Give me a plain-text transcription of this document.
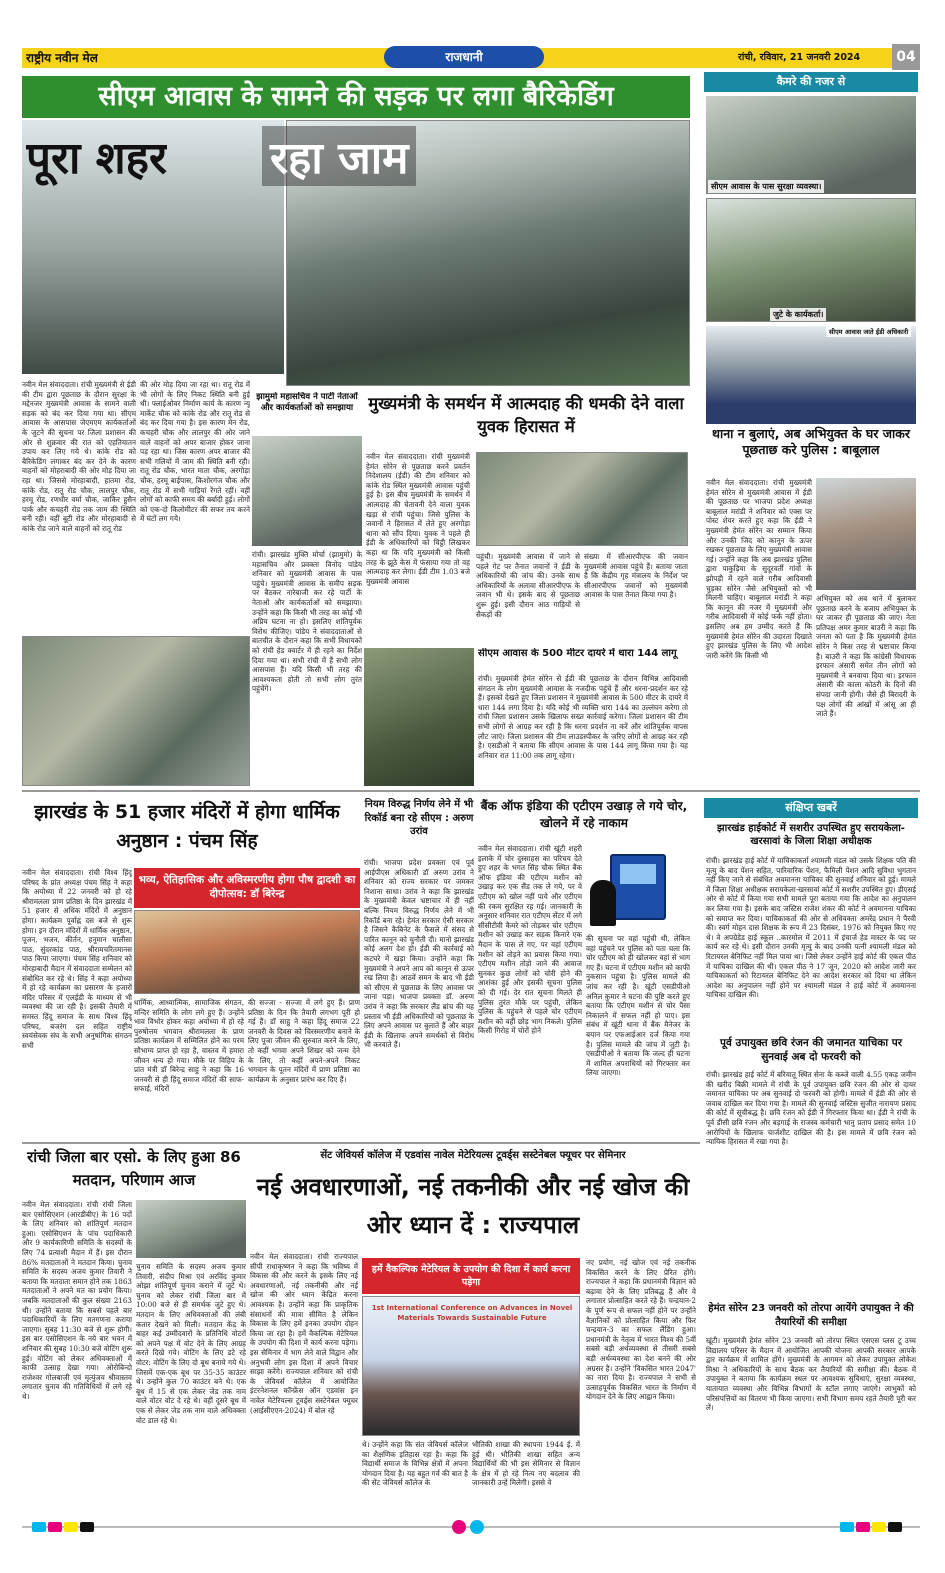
राष्ट्रीय नवीन मेल	राजधानी	रांची, रविवार, 21 जनवरी 2024	04
सीएम आवास के सामने की सड़क पर लगा बैरिकेडिंग
पूरा शहर रहा जाम
नवीन मेल संवाददाता। रांची मुख्यमंत्री से ईडी की टीम द्वारा पूछताछ के दौरान सुरक्षा के मद्देनजर मुख्यमंत्री आवास के सामने वाली सड़क को बंद कर दिया गया था। सीएम आवास के आसपास जेएमएम कार्यकर्ताओं के जुटने की सूचना पर जिला प्रशासन की ओर से शुक्रवार की रात को एहतियातन उपाय कर लिए गये थे। कांके रोड को बैरिकेडिंग लगाकर बंद कर देने के कारण वाहनों को मोहराबादी की ओर मोड़ दिया जा रहा था। जिससे मोरहाबादी, हातमा रोड, कांके रोड, रातू रोड चौक, लालपुर चौक, हरमू रोड, रणधीर वर्मा चौक, जाकिर हुसैन पार्क और कचहरी रोड तक जाम की स्थिति बनी रही। वहीं बूटी रोड और मोरहाबादी से कांके रोड जाने वाले वाहनों को रातू रोड
की ओर मोड़ दिया जा रहा था। रातू रोड में भी लोगों के लिए निकट स्थिति बनी हुई थी। फ्लाईओवर निर्माण कार्य के कारण न्यू मार्केट चौक को कांके रोड और रातू रोड से बंद कर दिया गया है। इस कारण मेन रोड, कचहरी चौक और लालपुर की ओर जाने वाले वाहनों को अपर बाजार होकर जाना पड़ रहा था। जिस कारण अपर बाजार की सभी गलियों में जाम की स्थिति बनी रही। रातू रोड चौक, भारत माता चौक, अरगोड़ा चौक, हरमू बाईपास, किशोरगंज चौक और रातू रोड में सभी गाड़ियां रेंगते रहीं। वहीं लोगों को काफी समय की बर्बादी हुई। लोगों को एक-दो किलोमीटर की सफर तय करने में घंटों लग गये।
झामुमो महासचिव ने पार्टी नेताओं और कार्यकर्ताओं को समझाया
रांची। झारखंड मुक्ति मोर्चा (झामुमो) के महासचिव और प्रवक्ता विनोद पांडेय शनिवार को मुख्यमंत्री आवास के पास पहुंचे। मुख्यमंत्री आवास के समीप सड़क पर बैठकर नारेबाजी कर रहे पार्टी के नेताओं और कार्यकर्ताओं को समझाया। उन्होंने कहा कि किसी भी तरह का कोई भी अप्रिय घटना ना हो। इसलिए शांतिपूर्वक विरोध कीजिए। पांडेय ने संवाददाताओं से बातचीत के दौरान कहा कि सभी विधायकों को रांची हेड क्वार्टर में ही रहने का निर्देश दिया गया था। सभी रांची में हैं सभी लोग आसपास हैं। यदि किसी भी तरह की आवश्यकता होती तो सभी लोग तुरंत पहुंचेंगे।
मुख्यमंत्री के समर्थन में आत्मदाह की धमकी देने वाला युवक हिरासत में
नवीन मेल संवाददाता। रांची मुख्यमंत्री हेमंत सोरेन से पूछताछ करने प्रवर्तन निदेशालय (ईडी) की टीम शनिवार को कांके रोड स्थित मुख्यमंत्री आवास पहुंची हुई है। इस बीच मुख्यमंत्री के समर्थन में आत्मदाह की चेतावनी देने वाला युवक खड़ा से रांची पहुंचा। जिसे पुलिस के जवानों ने हिरासत में लेते हुए अरगोड़ा थाना को सौंप दिया। युवक ने पहले ही ईडी के अधिकारियों को चिट्ठी लिखकर कहा था कि यदि मुख्यमंत्री को किसी तरह के झूठे केस में फंसाया गया तो वह आत्मदाह कर लेगा। ईडी टीम 1.03 बजे मुख्यमंत्री आवास
पहुंची। मुख्यमंत्री आवास में जाने से पहले गेट पर तैनात जवानों ने ईडी के अधिकारियों की जांच की। उनके साथ अधिकारियों के अलावा सीआरपीएफ के जवान भी थे। इसके बाद से पूछताछ शुरू हुई। इसी दौरान आठ गाड़ियों से सैकड़ों की
संख्या में सीआरपीएफ की जवान मुख्यमंत्री आवास पहुंचे हैं। बताया जाता है कि केंद्रीय गृह मंत्रालय के निर्देश पर सीआरपीएफ जवानों को मुख्यमंत्री आवास के पास तैनात किया गया है।
सीएम आवास के 500 मीटर दायरे में धारा 144 लागू
रांची। मुख्यमंत्री हेमंत सोरेन से ईडी की पूछताछ के दौरान विभिन्न आदिवासी संगठन के लोग मुख्यमंत्री आवास के नजदीक पहुंचे हैं और धरना-प्रदर्शन कर रहे हैं। इसको देखते हुए जिला प्रशासन ने मुख्यमंत्री आवास के 500 मीटर के दायरे में धारा 144 लगा दिया है। यदि कोई भी व्यक्ति धारा 144 का उल्लंघन करेगा तो रांची जिला प्रशासन उसके खिलाफ सख्त कार्रवाई करेगा। जिला प्रशासन की टीम सभी लोगों से आग्रह कर रही है कि धरना प्रदर्शन ना करें और शांतिपूर्वक वापस लौट जाएं। जिला प्रशासन की टीम लाउडस्पीकर के जरिए लोगों से आग्रह कर रही है। एसडीओ ने बताया कि सीएम आवास के पास 144 लागू किया गया है। यह शनिवार रात 11:00 तक लागू रहेगा।
कैमरे की नजर से
सीएम आवास के पास सुरक्षा व्यवस्था।
जुटे के कार्यकर्ता।
सीएम आवास जाते ईडी अधिकारी
थाना न बुलाएं, अब अभियुक्त के घर जाकर पूछताछ करे पुलिस : बाबूलाल
नवीन मेल संवाददाता। रांची मुख्यमंत्री हेमंत सोरेन से मुख्यमंत्री आवास में ईडी की पूछताछ पर भाजपा प्रदेश अध्यक्ष बाबूलाल मरांडी ने शनिवार को एक्स पर पोस्ट शेयर करते हुए कहा कि ईडी ने मुख्यमंत्री हेमंत सोरेन का सम्मान किया और उनकी जिद को कानून के ऊपर रखकर पूछताछ के लिए मुख्यमंत्री आवास गई। उन्होंने कहा कि अब झारखंड पुलिस द्वारा पाकुड़िया के सुदूरवर्ती गांवों के झोपड़ी में रहने वाले गरीब आदिवासी चुड़का सोरेन जैसे अभियुक्तों को भी मिलनी चाहिए। बाबूलाल मरांडी ने कहा कि कानून की नजर में मुख्यमंत्री और गरीब आदिवासी में कोई फर्क नहीं होता। इसलिए अब हम उम्मीद करते हैं कि मुख्यमंत्री हेमंत सोरेन की उदारता दिखाते हुए झारखंड पुलिस के लिए भी आदेश जारी करेंगे कि किसी भी
अभियुक्त को अब थाने में बुलाकर पूछताछ करने के बजाय अभियुक्त के घर जाकर ही पूछताछ की जाए। नेता प्रतिपक्ष अमर कुमार बाउरी ने कहा कि जनता को पता है कि मुख्यमंत्री हेमंत सोरेन ने किस तरह से भ्रष्टाचार किया है। बाउरी ने कहा कि कांग्रेसी विधायक इरफान अंसारी समेत तीन लोगों को मुख्यमंत्री ने बनवाया दिया था। इरफान अंसारी की काला कोठरी के दिनों की संपदा जानी होगी। जैसे ही बिरादरी के पक्ष लोगों की आंखों में आंसू आ ही जाते हैं।
झारखंड के 51 हजार मंदिरों में होगा धार्मिक अनुष्ठान : पंचम सिंह
नवीन मेल संवाददाता। रांची विश्व हिंदू परिषद के प्रांत अध्यक्ष पंचम सिंह ने कहा कि अयोध्या में 22 जनवरी को हो रहे श्रीरामलला प्राण प्रतिष्ठा के दिन झारखंड में 51 हजार से अधिक मंदिरों में अनुष्ठान होगा। कार्यक्रम पूर्वाह्न दस बजे से शुरू होगा। इन दौरान मंदिरों में धार्मिक अनुष्ठान, पूजन, भजन, कीर्तन, हनुमान चालीसा पाठ, सुंदरकांड पाठ, श्रीरामचरितमानस पाठ किया जाएगा। पंचम सिंह शनिवार को मोरहाबादी मैदान में संवाददाता सम्मेलन को संबोधित कर रहे थे। सिंह ने कहा अयोध्या में हो रहे कार्यक्रम का प्रसारण के हजारों मंदिर परिसर में एलईडी के माध्यम से भी व्यवस्था की जा रही है। इसकी तैयारी में समस्त हिंदू समाज के साथ विश्व हिंदू परिषद, बजरंग दल सहित राष्ट्रीय स्वयंसेवक संघ के सभी अनुषांगिक संगठन सभी
भव्य, ऐतिहासिक और अविस्मरणीय होगा पौष द्वादशी का दीपोत्सव: डॉ बिरेन्द्र
धार्मिक, आध्यात्मिक, सामाजिक संगठन, मन्दिर समिति के लोग लगे हुए हैं। उन्होंने भाव विभोर होकर कहा अयोध्या में हो रहे पुरुषोत्तम भगवान श्रीरामलला के प्राण प्रतिष्ठा कार्यक्रम में सम्मिलित होने का परम सौभाग्य प्राप्त हो रहा है, वास्तव में हमारा जीवन धन्य हो गया। मौके पर विहिप के प्रांत मंत्री डॉ बिरेन्द्र साहु ने कहा कि 16 जनवरी से ही हिंदू समाज मंदिरों की साफ- सफाई, मंदिरों
की सज्जा - सज्जा में लगे हुए हैं। प्राण प्रतिष्ठा के दिन कि तैयारी लगभग पूरी हो गई हैं। डॉ साहु ने कहा हिंदू समाज 22 जनवरी के दिवस को चिरस्मरणीय बनाने के लिए पूजा जीवन की सुरुवात करने के लिए, तो कहीं भगवा अपने शिखर को जन्म देने के लिए, तो कहीं अपने-अपने निकट भगवान के पूतन मंदिरों में प्राण प्रतिष्ठा का कार्यक्रम के अनुसार प्रारंभ कर दिए हैं।
नियम विरुद्ध निर्णय लेने में भी रिकॉर्ड बना रहे सीएम : अरुण उरांव
रांची। भाजपा प्रदेश प्रवक्ता एवं पूर्व आईपीएस अधिकारी डॉ अरुण उरांव ने शनिवार को राज्य सरकार पर जमकर निशाना साधा। उरांव ने कहा कि झारखंड के मुख्यमंत्री केवल भ्रष्टाचार में ही नहीं बल्कि नियम विरुद्ध निर्णय लेने में भी रिकॉर्ड बना रहे। हेमंत सरकार ऐसी सरकार है जिसने कैबिनेट के फैसले में संसद से पारित कानून को चुनौती दी। मानो झारखंड कोई अलग देश हो। ईडी की कार्रवाई को कटघरे में खड़ा किया। उन्होंने कहा कि मुख्यमंत्री ने अपने आप को कानून से ऊपर रख लिया है। आठवें समन के बाद भी ईडी को सीएम से पूछताछ के लिए आवास पर जाना पड़ा। भाजपा प्रवक्ता डॉ. अरुण उरांव ने कहा कि सरकार लैंड ब्रांच की यह प्रस्ताव भी ईडी अधिकारियों को पूछताछ के लिए अपने आवास पर बुलाते हैं और बाहर ईडी के खिलाफ अपने समर्थकों से विरोध भी करवाते हैं।
बैंक ऑफ इंडिया की एटीएम उखाड़ ले गये चोर, खोलने में रहे नाकाम
नवीन मेल संवाददाता। रांची खूंटी शहरी इलाके में चोर दुस्साहस का परिचय देते हुए शहर के भगत सिंह चौक स्थित बैंक ऑफ इंडिया की एटीएम मशीन को उखाड़ कर एक सैंड तक ले गये, पर वे एटीएम को खोल नहीं पाये और एटीएम की रकम सुरक्षित रह गई। जानकारी के अनुसार शनिवार रात एटीएम सेंटर में लगे सीसीटीवी कैमरे को तोड़कर चोर एटीएम मशीन को उखाड़ कर सड़क किनारे एक मैदान के पास ले गए, पर वहां एटीएम मशीन को तोड़ने का प्रयास किया गया। एटीएम मशीन तोड़ो जाने की आवाज सुनकर कुछ लोगों को चोरी होने की आशंका हुई और इसकी सूचना पुलिस को दी गई। देर रात सूचना मिलते ही पुलिस तुरंत मौके पर पहुंची, लेकिन पुलिस के पहुंचने से पहले चोर एटीएम मशीन को वहीं छोड़ भाग निकले। पुलिस किसी गिरोह में चोरों होने
की सूचना पर वहां पहुंची थी, लेकिन वहां पहुंचने पर पुलिस को पता चला कि चोर एटीएम को ही खोलकर वहां से भाग गए हैं। घटना में एटीएम मशीन को काफी नुकसान पहुंचा है। पुलिस मामले की जांच कर रही है। खूंटी एसडीपीओ अनिल कुमार ने घटना की पुष्टि करते हुए बताया कि एटीएम मशीन से चोर पैसा निकालने में सफल नहीं हो पाए। इस संबंध में खूंटी थाना में बैंक मैनेजर के बयान पर एफआईआर दर्ज किया गया है। पुलिस मामले की जांच में जुटी है। एसडीपीओ ने बताया कि जल्द ही घटना में शामिल अपराधियों को गिरफ्तार कर लिया जाएगा।
संक्षिप्त खबरें
झारखंड हाईकोर्ट में सशरीर उपस्थित हुए सरायकेला-खरसावां के जिला शिक्षा अधीक्षक
रांची। झारखंड हाई कोर्ट में याचिकाकर्ता श्यामली मंडल को उसके शिक्षक पति की मृत्यु के बाद पेंशन सहित, पारिवारिक पेंशन, फैमिली पेंशन आदि सुविधा भुगतान नहीं किए जाने से संबंधित अवमानना याचिका की सुनवाई शनिवार को हुई। मामले में जिला शिक्षा अधीक्षक सरायकेला-खरसावां कोर्ट में सशरीर उपस्थित हुए। डीएसई ओर से कोर्ट में किया गया सभी मामले पूरा बताया गया कि आदेश का अनुपालन कर लिया गया है। इसके बाद जस्टिस राजेश शंकर की कोर्ट ने अवमानना याचिका को समाप्त कर दिया। याचिकाकर्ता की ओर से अधिवक्ता अमरेंद्र प्रधान ने पैरवी की। स्वर्ग मोहन दास शिक्षक के रूप में 23 दिसंबर, 1976 को नियुक्त किए गए थे। वे अपग्रेडेड हाई स्कूल ..कारमोल में 2011 में इंचार्ज हेड मास्टर के पद पर कार्य कर रहे थे। इसी दौरान उनकी मृत्यु के बाद उनकी पत्नी श्यामली मंडल को रिटायरल बेनिफिट नहीं मिल पाया था। जिसे लेकर उन्होंने हाई कोर्ट की एकल पीठ में याचिका दाखिल की थी। एकल पीठ ने 17 जून, 2020 को आदेश जारी कर याचिकाकर्ता को रिटायरल बेनिफिट देने का आदेश सरकार को दिया था लेकिन आदेश का अनुपालन नहीं होने पर श्यामली मंडल ने हाई कोर्ट में अवमानना याचिका दाखिल की।
पूर्व उपायुक्त छवि रंजन की जमानत याचिका पर सुनवाई अब दो फरवरी को
रांची। झारखंड हाई कोर्ट में बरियातू स्थित सेना के कब्जे वाली 4.55 एकड़ जमीन की खरीद बिक्री मामले में रांची के पूर्व उपायुक्त छवि रंजन की ओर से दायर जमानत याचिका पर अब सुनवाई दो फरवरी को होगी। मामले में ईडी की ओर से जवाब दाखिल कर दिया गया है। मामले की सुनवाई जस्टिस सुजीत नारायण प्रसाद की कोर्ट में सूचीबद्ध है। छवि रंजन को ईडी ने गिरफ्तार किया था। ईडी ने रांची के पूर्व डीसी छवि रंजन और बड़गाई के राजस्व कर्मचारी भानु प्रताप प्रसाद समेत 10 आरोपियों के खिलाफ चार्जशीट दाखिल की है। इस मामले में छवि रंजन को न्यायिक हिरासत में रखा गया है।
हेमंत सोरेन 23 जनवरी को तोरपा आयेंगे उपायुक्त ने की तैयारियों की समीक्षा
खूंटी। मुख्यमंत्री हेमंत सोरेन 23 जनवरी को तोरपा स्थित एसएस प्लस टू उच्च विद्यालय परिसर के मैदान में आयोजित आपकी योजना आपकी सरकार आपके द्वार कार्यक्रम में शामिल होंगे। मुख्यमंत्री के आगमन को लेकर उपायुक्त लोकेश मिश्रा ने अधिकारियों के साथ बैठक कर तैयारियों की समीक्षा की। बैठक में उपायुक्त ने बताया कि कार्यक्रम स्थल पर आवश्यक सुविधाएं, सुरक्षा व्यवस्था, यातायात व्यवस्था और विभिन्न विभागों के स्टॉल लगाए जाएंगे। लाभुकों को परिसंपत्तियों का वितरण भी किया जाएगा। सभी विभाग समय रहते तैयारी पूरी कर लें।
रांची जिला बार एसो. के लिए हुआ 86 मतदान, परिणाम आज
नवीन मेल संवाददाता। रांची रांची जिला बार एसोसिएशन (आरडीबीए) के 16 पदों के लिए शनिवार को शांतिपूर्ण मतदान हुआ। एसोसिएशन के पांच पदाधिकारी और 9 कार्यकारिणी समिति के सदस्यों के लिए 74 प्रत्याशी मैदान में हैं। इस दौरान 86% मतदाताओं ने मतदान किया। चुनाव समिति के सदस्य अजय कुमार तिवारी ने बताया कि मतदाता समान होने तक 1863 मतदाताओं ने अपने मत का प्रयोग किया। जबकि मतदाताओं की कुल संख्या 2163 थी। उन्होंने बताया कि सबसे पहले बार पदाधिकारियों के लिए मतगणना कराया जाएगा। सुबह 11:30 बजे से शुरू होगी। इस बार एसोसिएशन के नये बार भवन में शनिवार की सुबह 10:30 बजे वोटिंग शुरू हुई। वोटिंग को लेकर अधिवक्ताओं में काफी उत्साह देखा गया। ओरोबिन्दो राजेश्वर गोलबाजी एवं मृत्युंजय श्रीवास्तव लगातार चुनाव की गतिविधियों में लगे रहे थे।
चुनाव समिति के सदस्य अजय कुमार तिवारी, संदीप मिश्रा एवं अरविंद कुमार ओझा शांतिपूर्ण चुनाव कराने में जुटे थे। चुनाव को लेकर रांची जिला बार में 10:00 बजे से ही समर्थक जुटे हुए थे। मतदान के लिए अधिवक्ताओं की लंबी कतार देखने को मिली। मतदान केंद्र के बाहर कई उम्मीदवारों के प्रतिनिधि वोटरों को अपने पक्ष में वोट देने के लिए आग्रह करते दिखे गये। वोटिंग के लिए डटे रहे वोटर: वोटिंग के लिए दो बूथ बनाये गये थे। जिसमें एक-एक बूथ पर 35-35 काउंटर थे। उन्होंने कुल 70 काउंटर बने थे। एक बूथ में 15 से एक लेकर जेड तक नाम वाले वोटर वोट दे रहे थे। वहीं दूसरे बूथ में एक से लेकर जेड तक नाम वाले अधिवक्ता वोट डाल रहे थे।
सेंट जेवियर्स कॉलेज में एडवांस नावेल मेटेरियल्स टूवर्ड्स सस्टेनेबल फ्यूचर पर सेमिनार
नई अवधारणाओं, नई तकनीकी और नई खोज की ओर ध्यान दें : राज्यपाल
नवीन मेल संवाददाता। रांची राज्यपाल सीपी राधाकृष्णन ने कहा कि भविष्य में विकास की और करने के इसके लिए नई अवधारणाओं, नई तकनीकी और नई खोज की ओर ध्यान केंद्रित करना आवश्यक है। उन्होंने कहा कि प्राकृतिक संसाधनों की मात्रा सीमित है लेकिन विकास के लिए हमें इनका उपयोग दोहन किया जा रहा है। हमें वैकल्पिक मेटेरियल के उपयोग की दिशा में कार्य करना पड़ेगा। इस सेमिनार में भाग लेने वाले विद्वान और अनुभवी लोग इस दिशा में अपने विचार साझा करेंगे। राज्यपाल शनिवार को रांची के जेवियर्स कॉलेज में आयोजित इंटरनेशनल कॉन्फ्रेंस ऑन एडवांस इन नावेल मेटेरियल्स टूवर्ड्स सस्टेनेबल फ्यूचर (आईसीएएन-2024) में बोल रहे
हमें वैकल्पिक मेटेरियल के उपयोग की दिशा में कार्य करना पड़ेगा
1st International Conference on Advances in Novel Materials Towards Sustainable Future
थे। उन्होंने कहा कि संत जेवियर्स कॉलेज का शैक्षणिक इतिहास रहा है। कहा कि विद्यार्थी समाज के विभिन्न क्षेत्रों में अपना योगदान दिया है। यह बहुत गर्व की बात है की सेंट जेवियर्स कॉलेज के
भौतिकी शाखा की स्थापना 1944 ई. में हुई थी। भौतिकी शाखा सहित अन्य विद्यार्थियों की भी इस सेमिनार से विज्ञान के क्षेत्र में हो रहे नित्य नए बदलाव की जानकारी उन्हें मिलेगी। इससे वे
नए प्रयोग, नई खोज एवं नई तकनीक विकसित करने के लिए प्रेरित होंगे। राज्यपाल ने कहा कि प्रधानमंत्री विज्ञान को बढ़ावा देने के लिए प्रतिबद्ध हैं और वे लगातार प्रोत्साहित करते रहे हैं। चन्द्रयान-2 के पूर्ण रूप से सफल नहीं होने पर उन्होंने वैज्ञानिकों को प्रोत्साहित किया और फिर चन्द्रयान-3 का सफल लैंडिंग हुआ। प्रधानमंत्री के नेतृत्व में भारत विश्व की 5वीं सबसे बड़ी अर्थव्यवस्था से तीसरी सबसे बड़ी अर्थव्यवस्था का देश बनने की ओर अग्रसर है। उन्होंने 'विकसित भारत 2047' का नारा दिया है। राज्यपाल ने सभी से उत्साहपूर्वक विकसित भारत के निर्माण में योगदान देने के लिए आह्वान किया।
